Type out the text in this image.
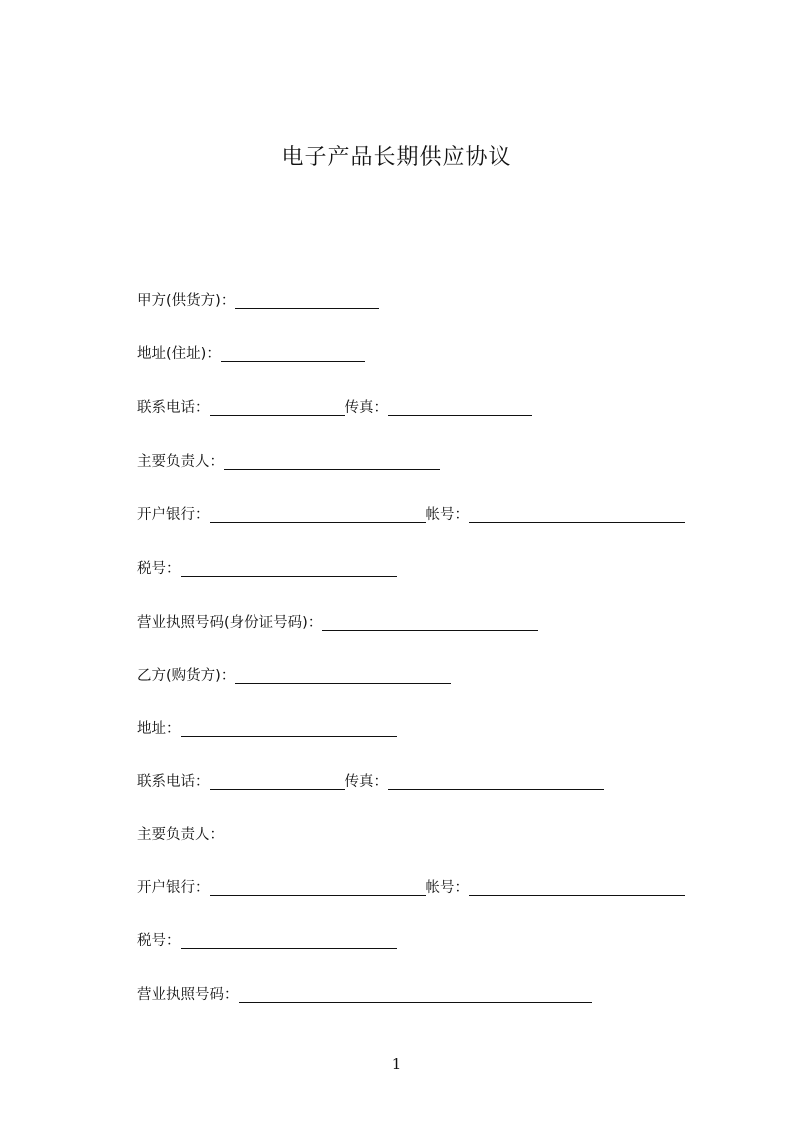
电子产品长期供应协议
甲方(供货方)：
地址(住址)：
联系电话：	传真：
主要负责人：
开户银行：	帐号：
税号：
营业执照号码(身份证号码)：
乙方(购货方)：
地址：
联系电话：	传真：
主要负责人：
开户银行：	帐号：
税号：
营业执照号码：
1
